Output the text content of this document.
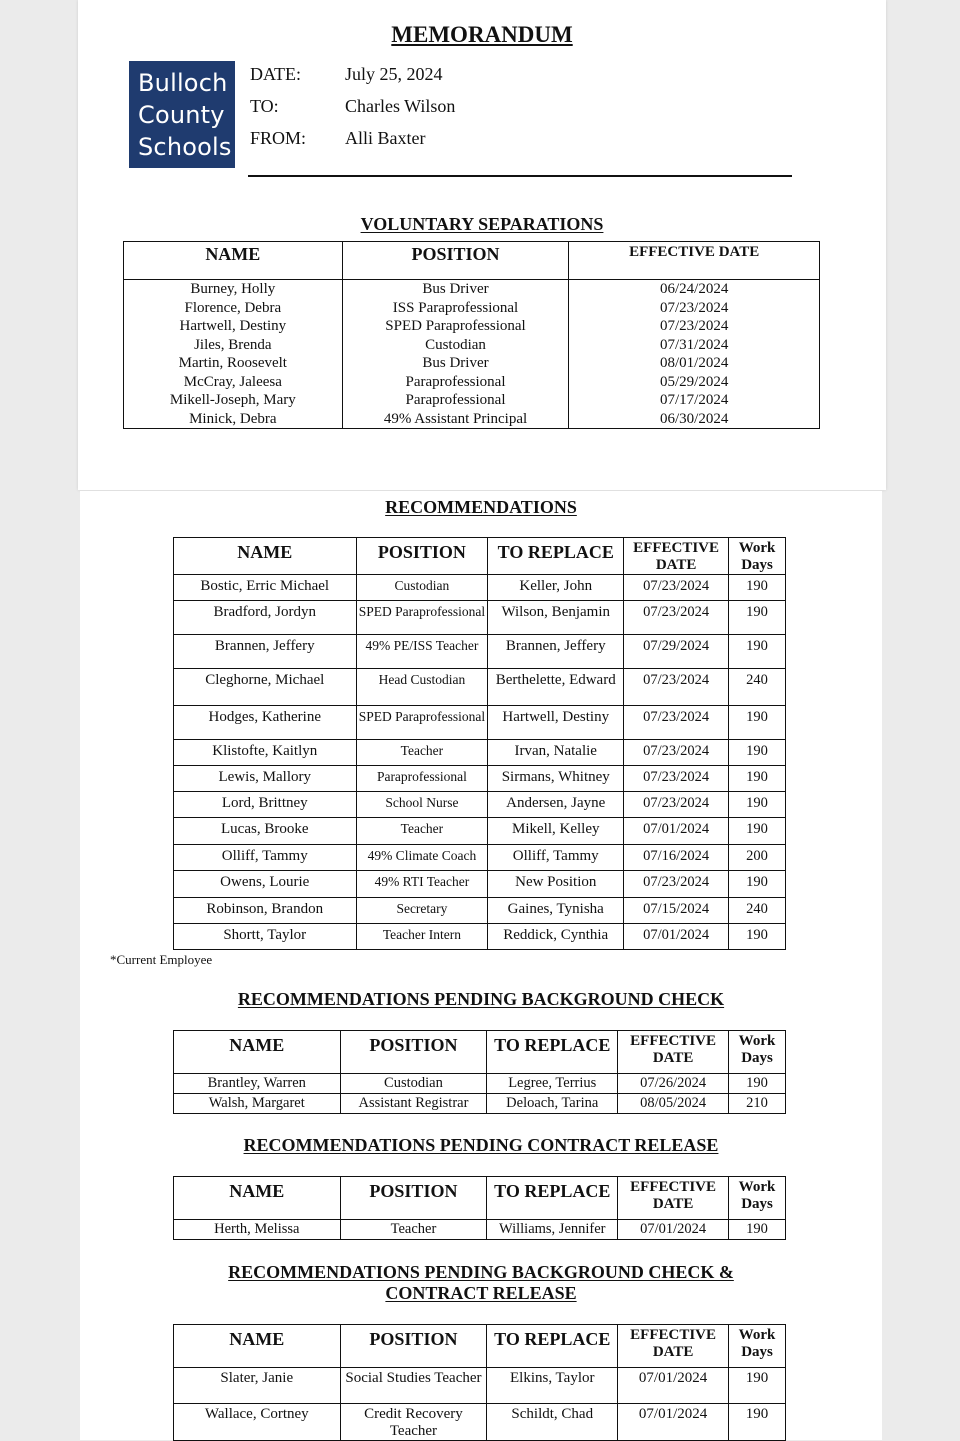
MEMORANDUM
Bulloch
County
Schools
DATE: July 25, 2024
TO:	Charles Wilson
FROM: Alli Baxter
VOLUNTARY SEPARATIONS
NAME	POSITION	EFFECTIVE DATE
Burney, Holly	Bus Driver	06/24/2024
Florence, Debra	ISS Paraprofessional	07/23/2024
Hartwell, Destiny	SPED Paraprofessional	07/23/2024
Jiles, Brenda	Custodian	07/31/2024
Martin, Roosevelt	Bus Driver	08/01/2024
McCray, Jaleesa	Paraprofessional	05/29/2024
Mikell-Joseph, Mary	Paraprofessional	07/17/2024
Minick, Debra	49% Assistant Principal	06/30/2024
RECOMMENDATIONS
NAME	POSITION	TO REPLACE	EFFECTIVE DATE	Work Days
Bostic, Erric Michael	Custodian	Keller, John	07/23/2024	190
Bradford, Jordyn	SPED Paraprofessional	Wilson, Benjamin	07/23/2024	190
Brannen, Jeffery	49% PE/ISS Teacher	Brannen, Jeffery	07/29/2024	190
Cleghorne, Michael	Head Custodian	Berthelette, Edward	07/23/2024	240
Hodges, Katherine	SPED Paraprofessional	Hartwell, Destiny	07/23/2024	190
Klistofte, Kaitlyn	Teacher	Irvan, Natalie	07/23/2024	190
Lewis, Mallory	Paraprofessional	Sirmans, Whitney	07/23/2024	190
Lord, Brittney	School Nurse	Andersen, Jayne	07/23/2024	190
Lucas, Brooke	Teacher	Mikell, Kelley	07/01/2024	190
Olliff, Tammy	49% Climate Coach	Olliff, Tammy	07/16/2024	200
Owens, Lourie	49% RTI Teacher	New Position	07/23/2024	190
Robinson, Brandon	Secretary	Gaines, Tynisha	07/15/2024	240
Shortt, Taylor	Teacher Intern	Reddick, Cynthia	07/01/2024	190
*Current Employee
RECOMMENDATIONS PENDING BACKGROUND CHECK
NAME	POSITION	TO REPLACE	EFFECTIVE DATE	Work Days
Brantley, Warren	Custodian	Legree, Terrius	07/26/2024	190
Walsh, Margaret	Assistant Registrar	Deloach, Tarina	08/05/2024	210
RECOMMENDATIONS PENDING CONTRACT RELEASE
NAME	POSITION	TO REPLACE	EFFECTIVE DATE	Work Days
Herth, Melissa	Teacher	Williams, Jennifer	07/01/2024	190
RECOMMENDATIONS PENDING BACKGROUND CHECK &
CONTRACT RELEASE
NAME	POSITION	TO REPLACE	EFFECTIVE DATE	Work Days
Slater, Janie	Social Studies Teacher	Elkins, Taylor	07/01/2024	190
Wallace, Cortney	Credit Recovery Teacher	Schildt, Chad	07/01/2024	190
